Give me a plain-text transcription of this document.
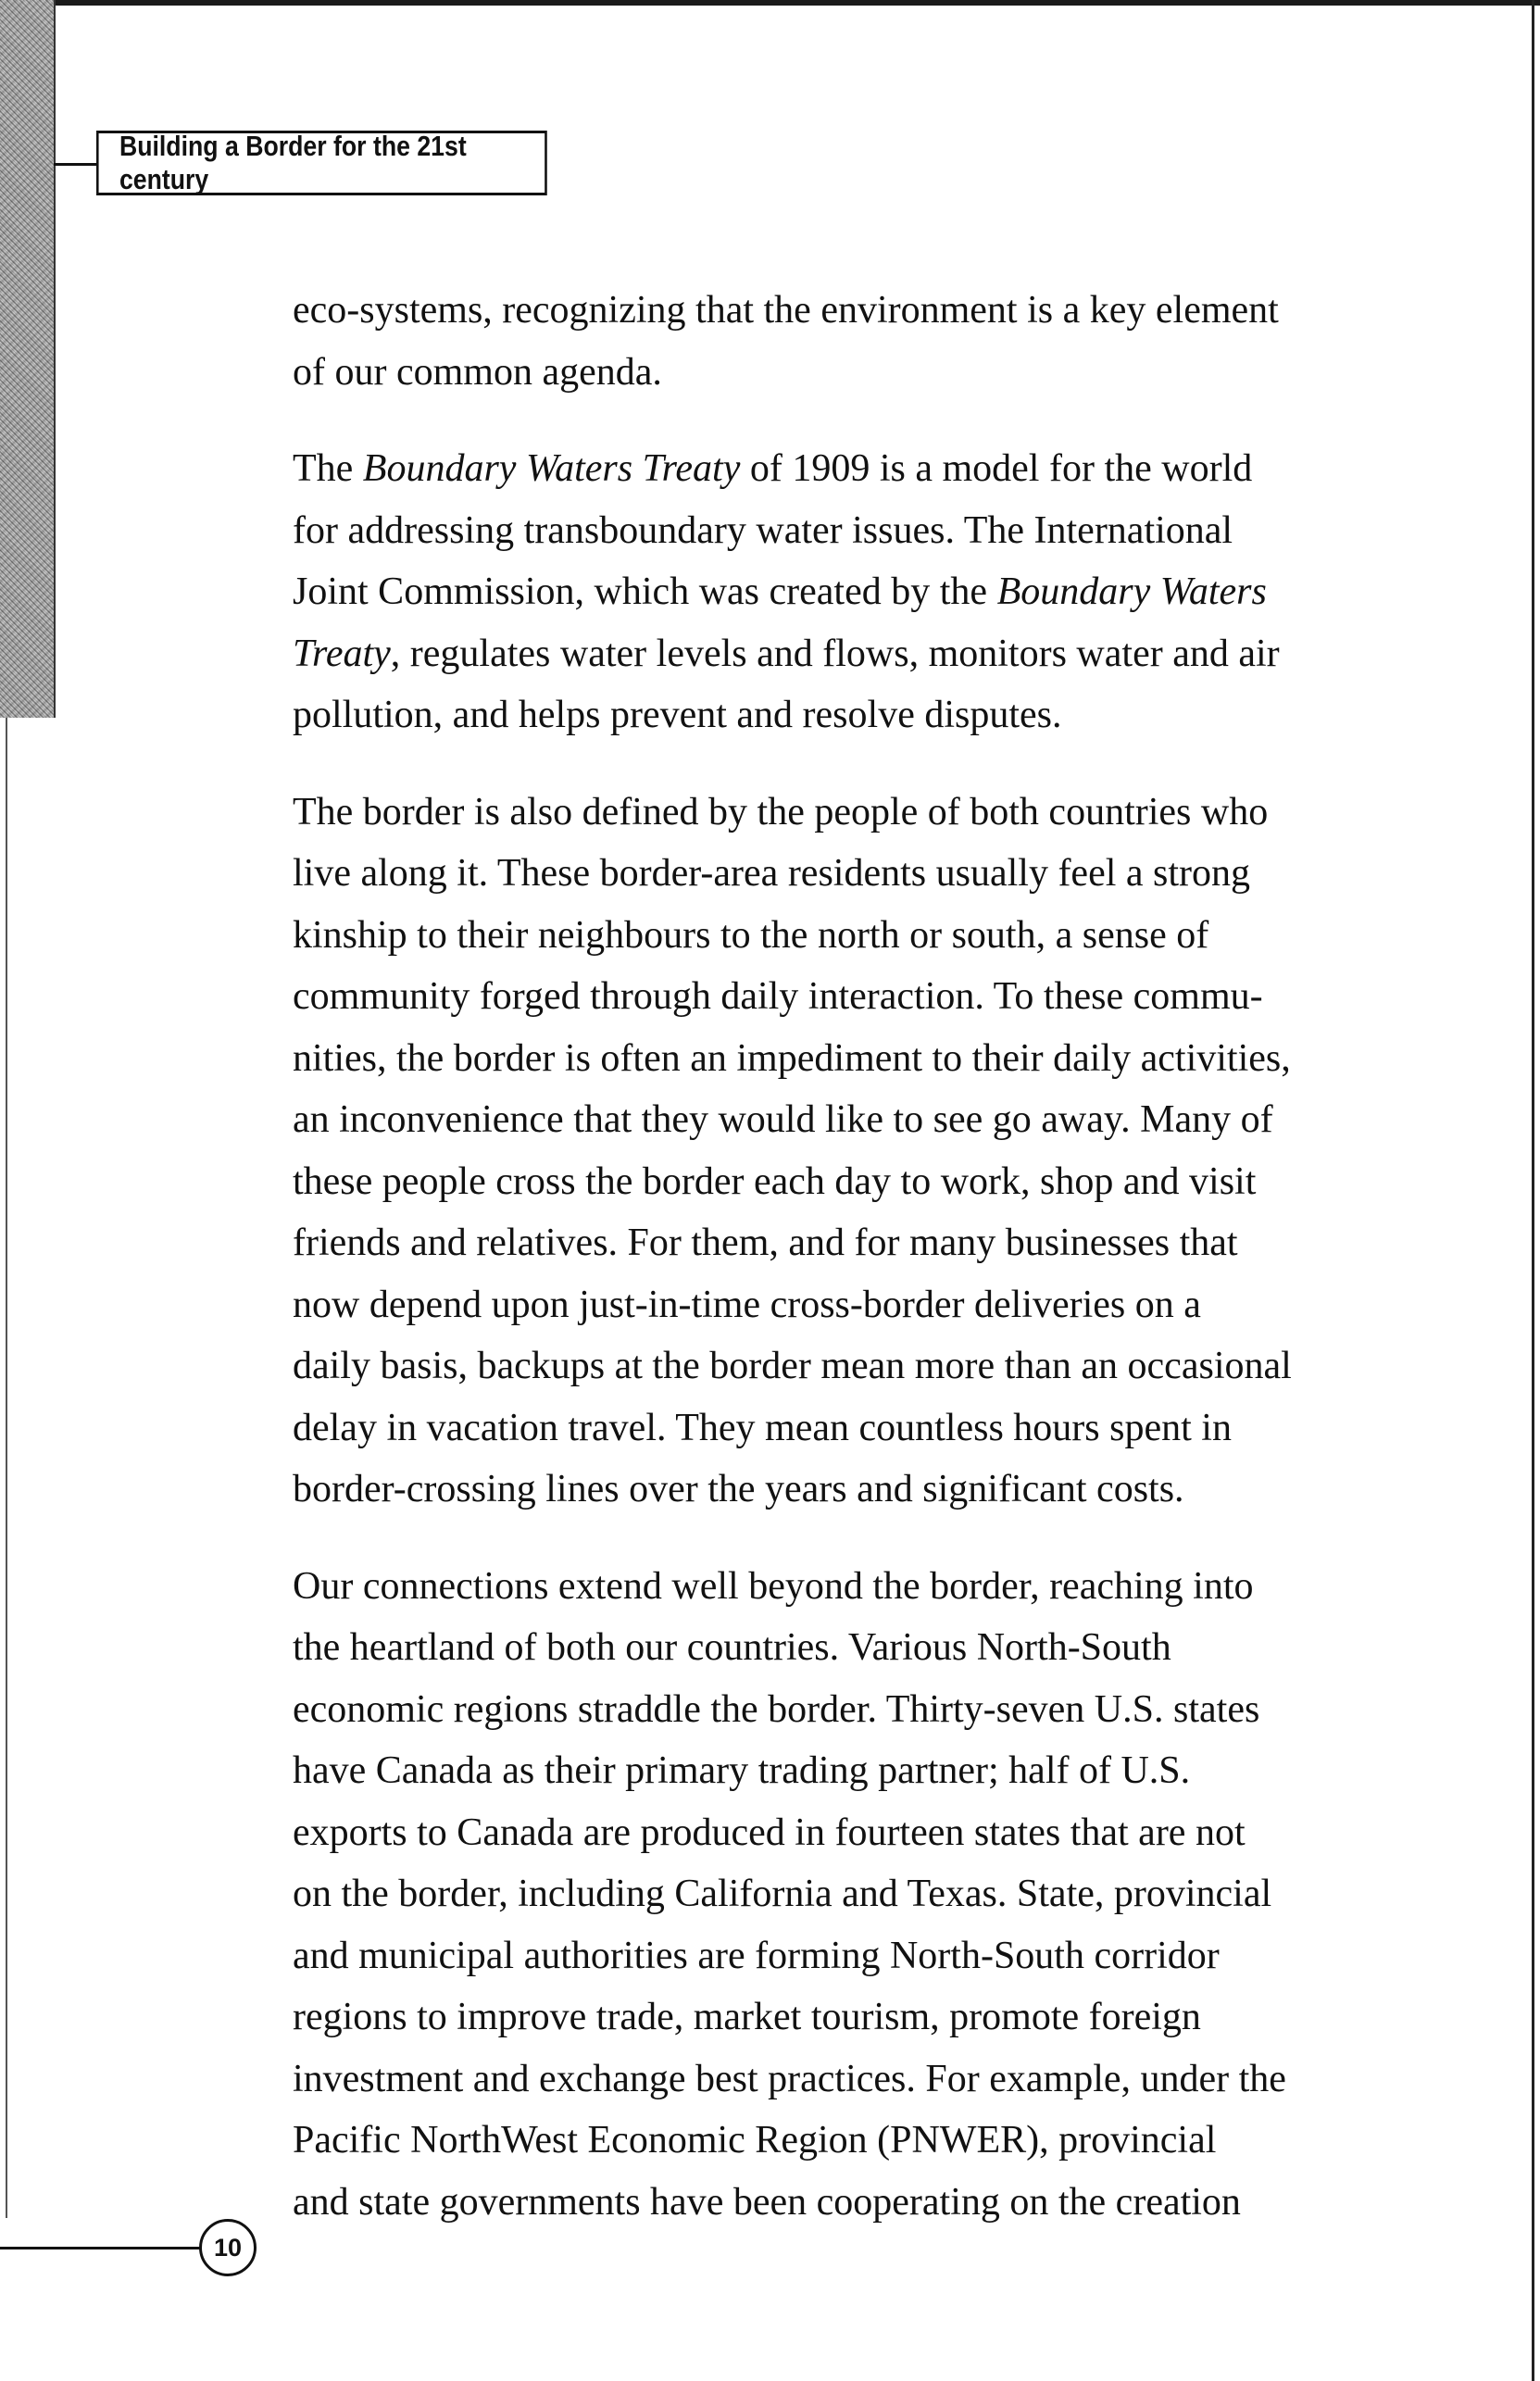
Building a Border for the 21st century

eco-systems, recognizing that the environment is a key element
of our common agenda.

The Boundary Waters Treaty of 1909 is a model for the world
for addressing transboundary water issues. The International
Joint Commission, which was created by the Boundary Waters
Treaty, regulates water levels and flows, monitors water and air
pollution, and helps prevent and resolve disputes.

The border is also defined by the people of both countries who
live along it. These border-area residents usually feel a strong
kinship to their neighbours to the north or south, a sense of
community forged through daily interaction. To these commu-
nities, the border is often an impediment to their daily activities,
an inconvenience that they would like to see go away. Many of
these people cross the border each day to work, shop and visit
friends and relatives. For them, and for many businesses that
now depend upon just-in-time cross-border deliveries on a
daily basis, backups at the border mean more than an occasional
delay in vacation travel. They mean countless hours spent in
border-crossing lines over the years and significant costs.

Our connections extend well beyond the border, reaching into
the heartland of both our countries. Various North-South
economic regions straddle the border. Thirty-seven U.S. states
have Canada as their primary trading partner; half of U.S.
exports to Canada are produced in fourteen states that are not
on the border, including California and Texas. State, provincial
and municipal authorities are forming North-South corridor
regions to improve trade, market tourism, promote foreign
investment and exchange best practices. For example, under the
Pacific NorthWest Economic Region (PNWER), provincial
and state governments have been cooperating on the creation

10
